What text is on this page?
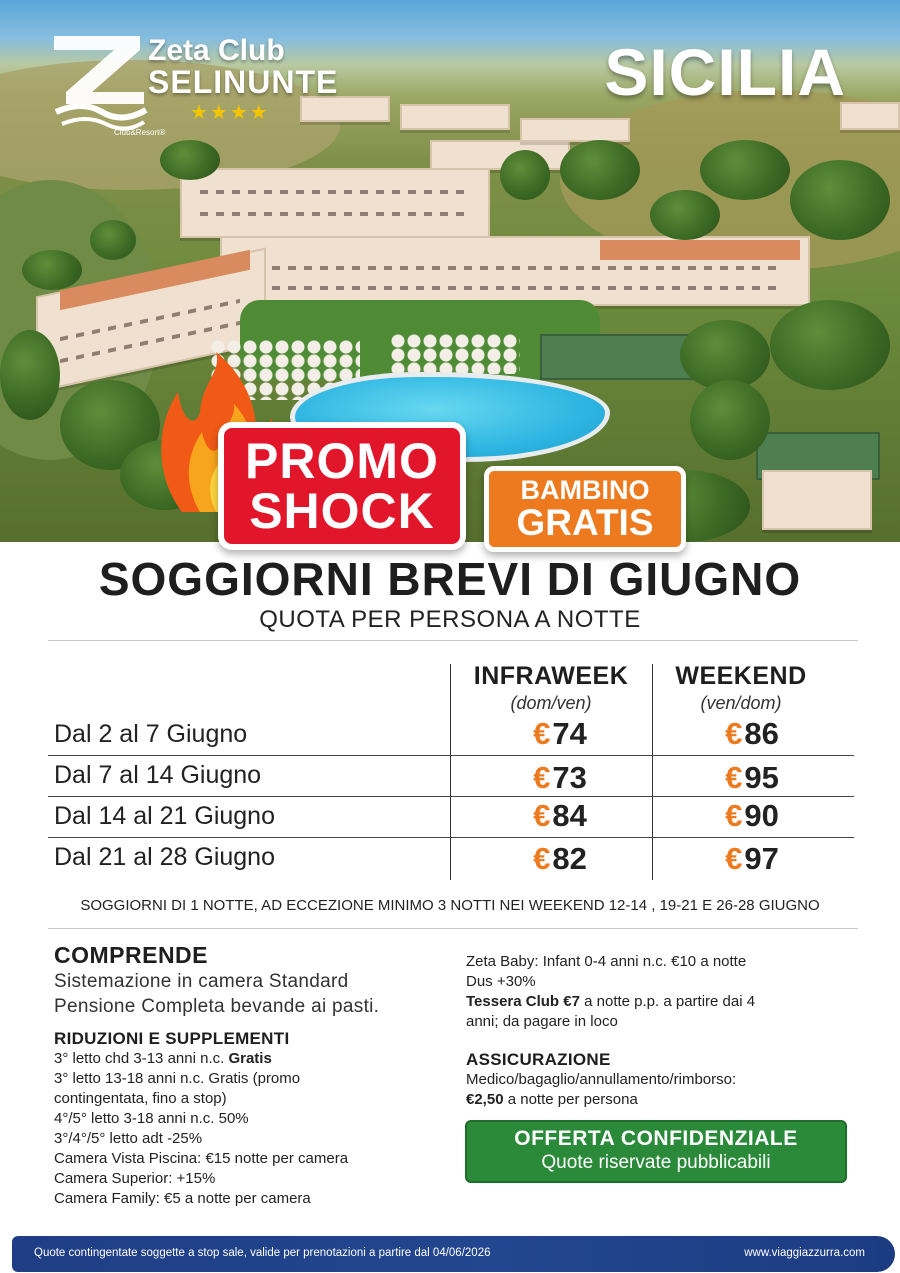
Zeta Club
SELINUNTE
★★★★
Club&Resort®
SICILIA
PROMO
SHOCK	BAMBINO
GRATIS
SOGGIORNI BREVI DI GIUGNO
QUOTA PER PERSONA A NOTTE
INFRAWEEK
(dom/ven)
WEEKEND
(ven/dom)
Dal 2 al 7 Giugno	€74	€86
Dal 7 al 14 Giugno	€73	€95
Dal 14 al 21 Giugno	€84	€90
Dal 21 al 28 Giugno	€82	€97
SOGGIORNI DI 1 NOTTE, AD ECCEZIONE MINIMO 3 NOTTI NEI WEEKEND 12-14 , 19-21 E 26-28 GIUGNO
COMPRENDE
Sistemazione in camera Standard
Pensione Completa bevande ai pasti.
RIDUZIONI E SUPPLEMENTI
3° letto chd 3-13 anni n.c. Gratis
3° letto 13-18 anni n.c. Gratis (promo
contingentata, fino a stop)
4°/5° letto 3-18 anni n.c. 50%
3°/4°/5° letto adt -25%
Camera Vista Piscina: €15 notte per camera
Camera Superior: +15%
Camera Family: €5 a notte per camera
Zeta Baby: Infant 0-4 anni n.c. €10 a notte
Dus +30%
Tessera Club €7 a notte p.p. a partire dai 4
anni; da pagare in loco
ASSICURAZIONE
Medico/bagaglio/annullamento/rimborso:
€2,50 a notte per persona
OFFERTA CONFIDENZIALE
Quote riservate pubblicabili
Quote contingentate soggette a stop sale, valide per prenotazioni a partire dal 04/06/2026	www.viaggiazzurra.com
